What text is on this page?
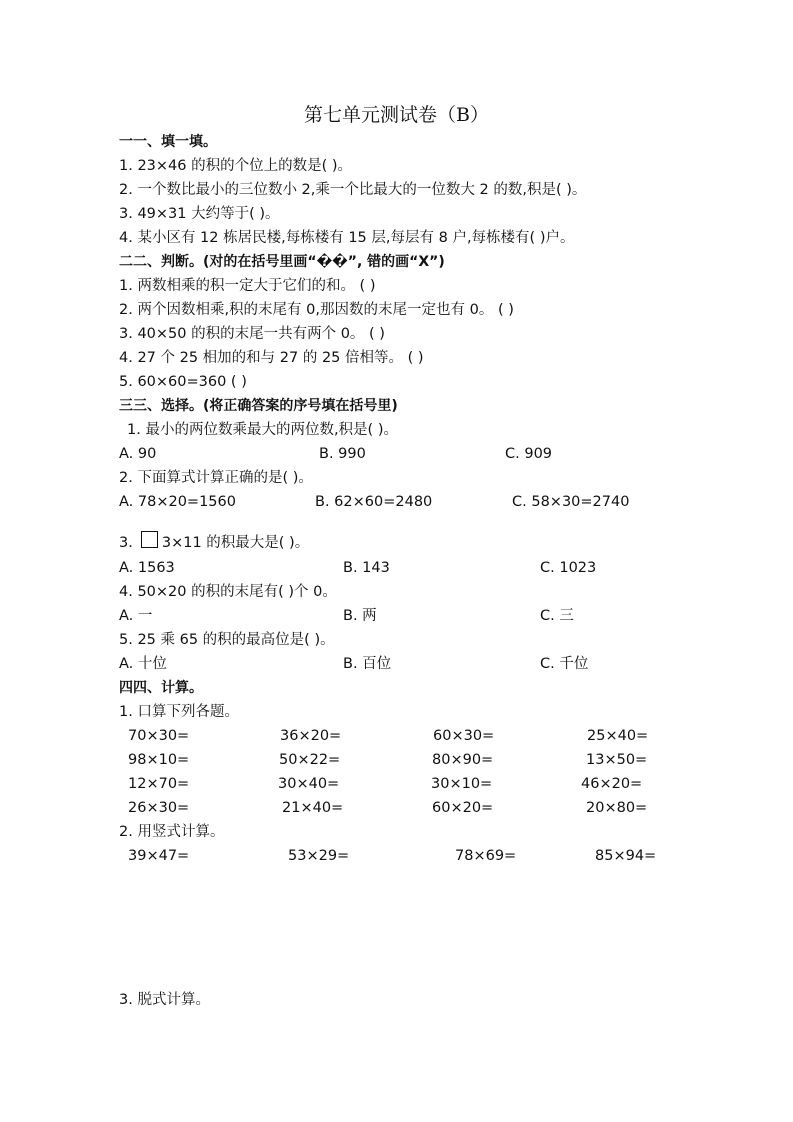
第七单元测试卷（B）
一一、填一填。
1. 23×46 的积的个位上的数是( )。
2. 一个数比最小的三位数小 2,乘一个比最大的一位数大 2 的数,积是( )。
3. 49×31 大约等于( )。
4. 某小区有 12 栋居民楼,每栋楼有 15 层,每层有 8 户,每栋楼有( )户。
二二、判断。(对的在括号里画“��”, 错的画“X”)
1. 两数相乘的积一定大于它们的和。 ( )
2. 两个因数相乘,积的末尾有 0,那因数的末尾一定也有 0。 ( )
3. 40×50 的积的末尾一共有两个 0。 ( )
4. 27 个 25 相加的和与 27 的 25 倍相等。 ( )
5. 60×60=360 ( )
三三、选择。(将正确答案的序号填在括号里)
1. 最小的两位数乘最大的两位数,积是( )。
A. 90	B. 990	C. 909
2. 下面算式计算正确的是( )。
A. 78×20=1560	B. 62×60=2480	C. 58×30=2740
3. 3×11 的积最大是( )。
A. 1563	B. 143	C. 1023
4. 50×20 的积的末尾有( )个 0。
A. 一	B. 两	C. 三
5. 25 乘 65 的积的最高位是( )。
A. 十位	B. 百位	C. 千位
四四、计算。
1. 口算下列各题。
70×30=	36×20=	60×30=	25×40=
98×10=	50×22=	80×90=	13×50=
12×70=	30×40=	30×10=	46×20=
26×30=	21×40=	60×20=	20×80=
2. 用竖式计算。
39×47=	53×29=	78×69=	85×94=
3. 脱式计算。
